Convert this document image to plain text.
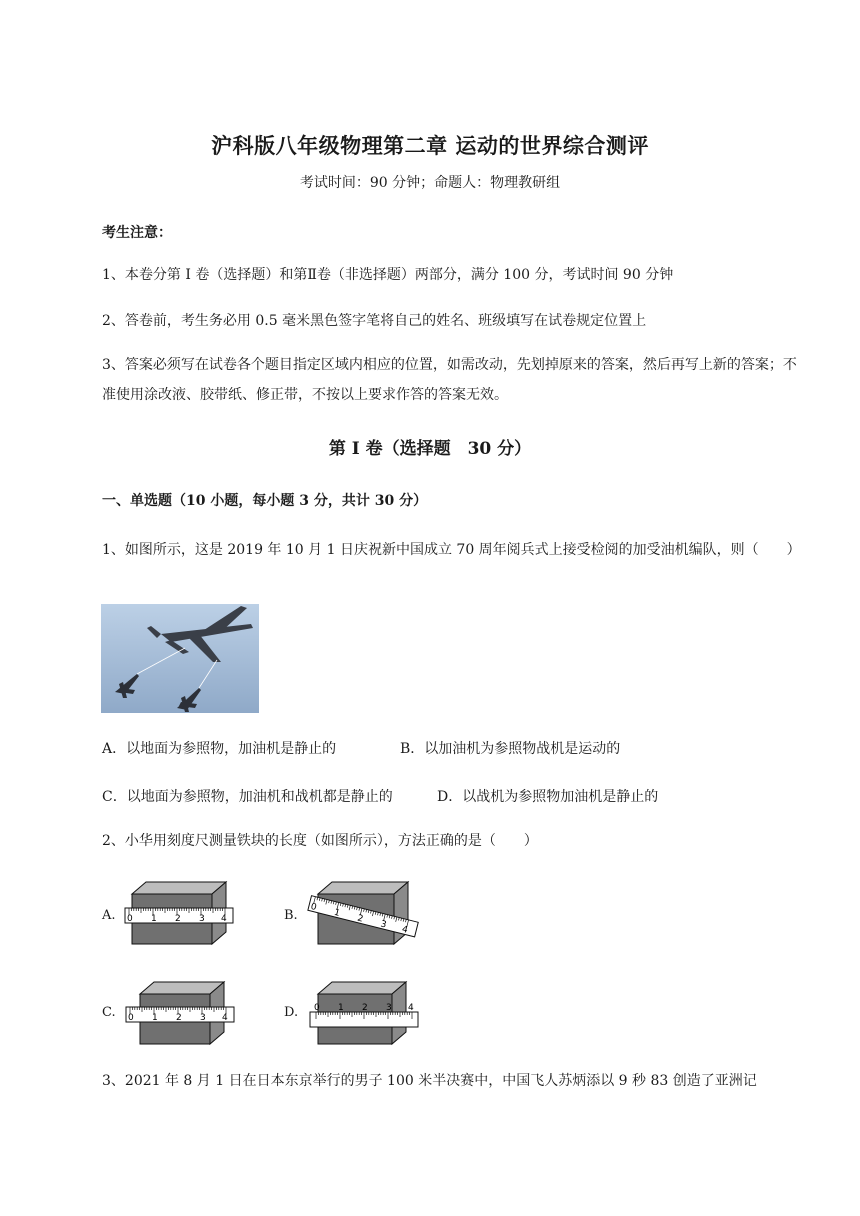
沪科版八年级物理第二章 运动的世界综合测评
考试时间：90 分钟；命题人：物理教研组
考生注意：
1、本卷分第 I 卷（选择题）和第Ⅱ卷（非选择题）两部分，满分 100 分，考试时间 90 分钟
2、答卷前，考生务必用 0.5 毫米黑色签字笔将自己的姓名、班级填写在试卷规定位置上
3、答案必须写在试卷各个题目指定区域内相应的位置，如需改动，先划掉原来的答案，然后再写上新的答案；不准使用涂改液、胶带纸、修正带，不按以上要求作答的答案无效。
第 I 卷（选择题　30 分）
一、单选题（10 小题，每小题 3 分，共计 30 分）
1、如图所示，这是 2019 年 10 月 1 日庆祝新中国成立 70 周年阅兵式上接受检阅的加受油机编队，则（　　）
A．以地面为参照物，加油机是静止的	B．以加油机为参照物战机是运动的
C．以地面为参照物，加油机和战机都是静止的	D．以战机为参照物加油机是静止的
2、小华用刻度尺测量铁块的长度（如图所示），方法正确的是（　　）
A. 0 1 2 3 4	B.
0
1
2
3 4
C. 0 1 2 3 4	D. 0 1 2 3 4
3、2021 年 8 月 1 日在日本东京举行的男子 100 米半决赛中，中国飞人苏炳添以 9 秒 83 创造了亚洲记
